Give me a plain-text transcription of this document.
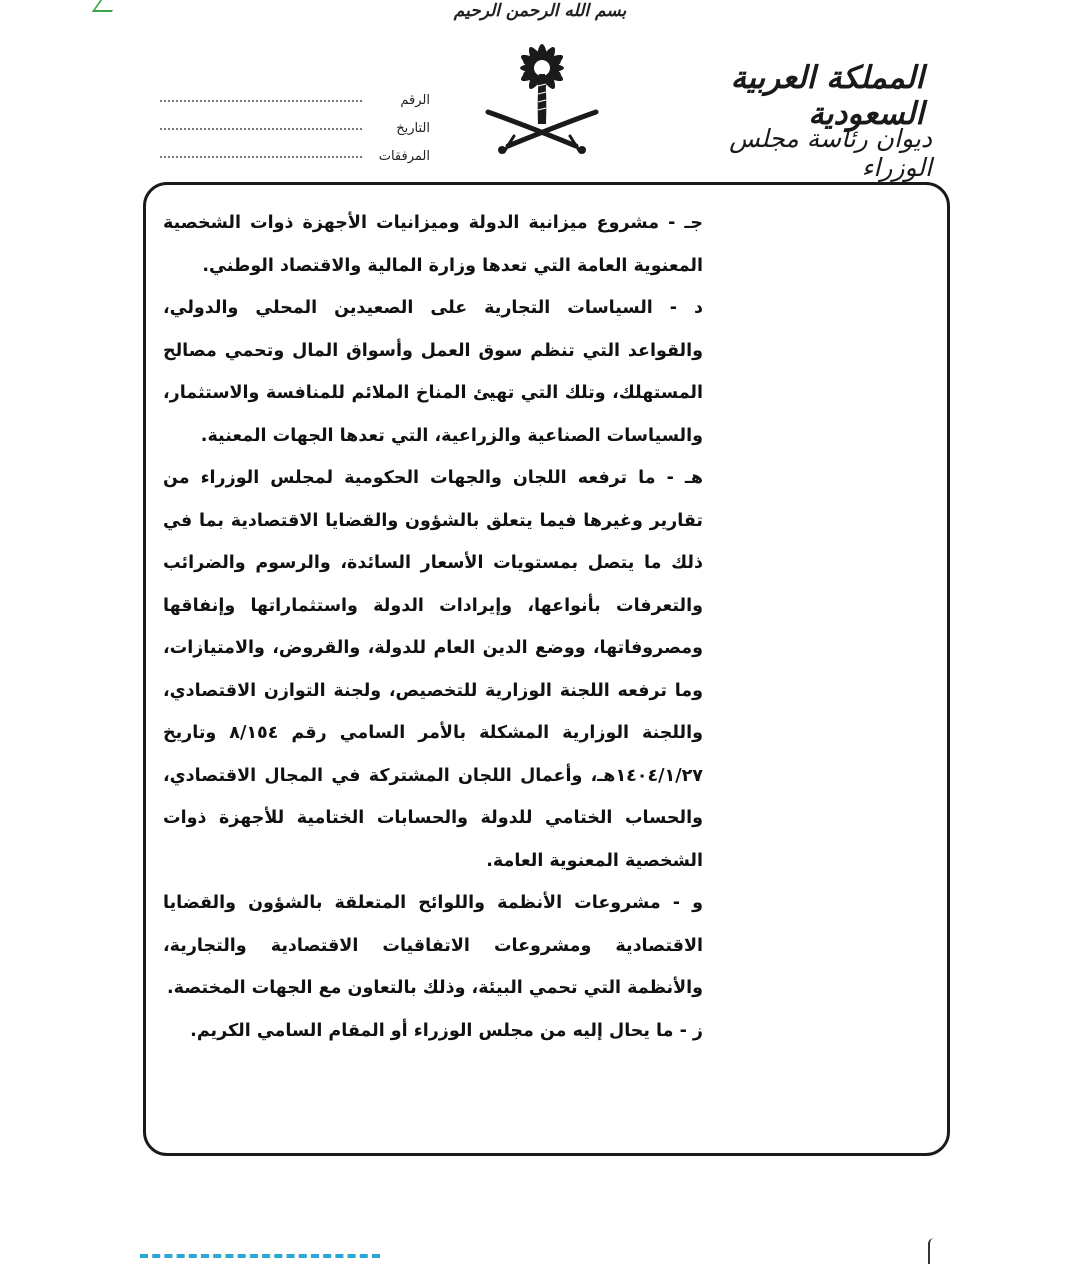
بسم الله الرحمن الرحيم
المملكة العربية السعودية
ديوان رئاسة مجلس الوزراء
الرقم
التاريخ
المرفقات
جـ - مشروع ميزانية الدولة وميزانيات الأجهزة ذوات الشخصية المعنوية العامة التي تعدها وزارة المالية والاقتصاد الوطني.
د - السياسات التجارية على الصعيدين المحلي والدولي، والقواعد التي تنظم سوق العمل وأسواق المال وتحمي مصالح المستهلك، وتلك التي تهيئ المناخ الملائم للمنافسة والاستثمار، والسياسات الصناعية والزراعية، التي تعدها الجهات المعنية.
هـ - ما ترفعه اللجان والجهات الحكومية لمجلس الوزراء من تقارير وغيرها فيما يتعلق بالشؤون والقضايا الاقتصادية بما في ذلك ما يتصل بمستويات الأسعار السائدة، والرسوم والضرائب والتعرفات بأنواعها، وإيرادات الدولة واستثماراتها وإنفاقها ومصروفاتها، ووضع الدين العام للدولة، والقروض، والامتيازات، وما ترفعه اللجنة الوزارية للتخصيص، ولجنة التوازن الاقتصادي، واللجنة الوزارية المشكلة بالأمر السامي رقم ٨/١٥٤ وتاريخ ١٤٠٤/١/٢٧هـ، وأعمال اللجان المشتركة في المجال الاقتصادي، والحساب الختامي للدولة والحسابات الختامية للأجهزة ذوات الشخصية المعنوية العامة.
و - مشروعات الأنظمة واللوائح المتعلقة بالشؤون والقضايا الاقتصادية ومشروعات الاتفاقيات الاقتصادية والتجارية، والأنظمة التي تحمي البيئة، وذلك بالتعاون مع الجهات المختصة.
ز - ما يحال إليه من مجلس الوزراء أو المقام السامي الكريم.
